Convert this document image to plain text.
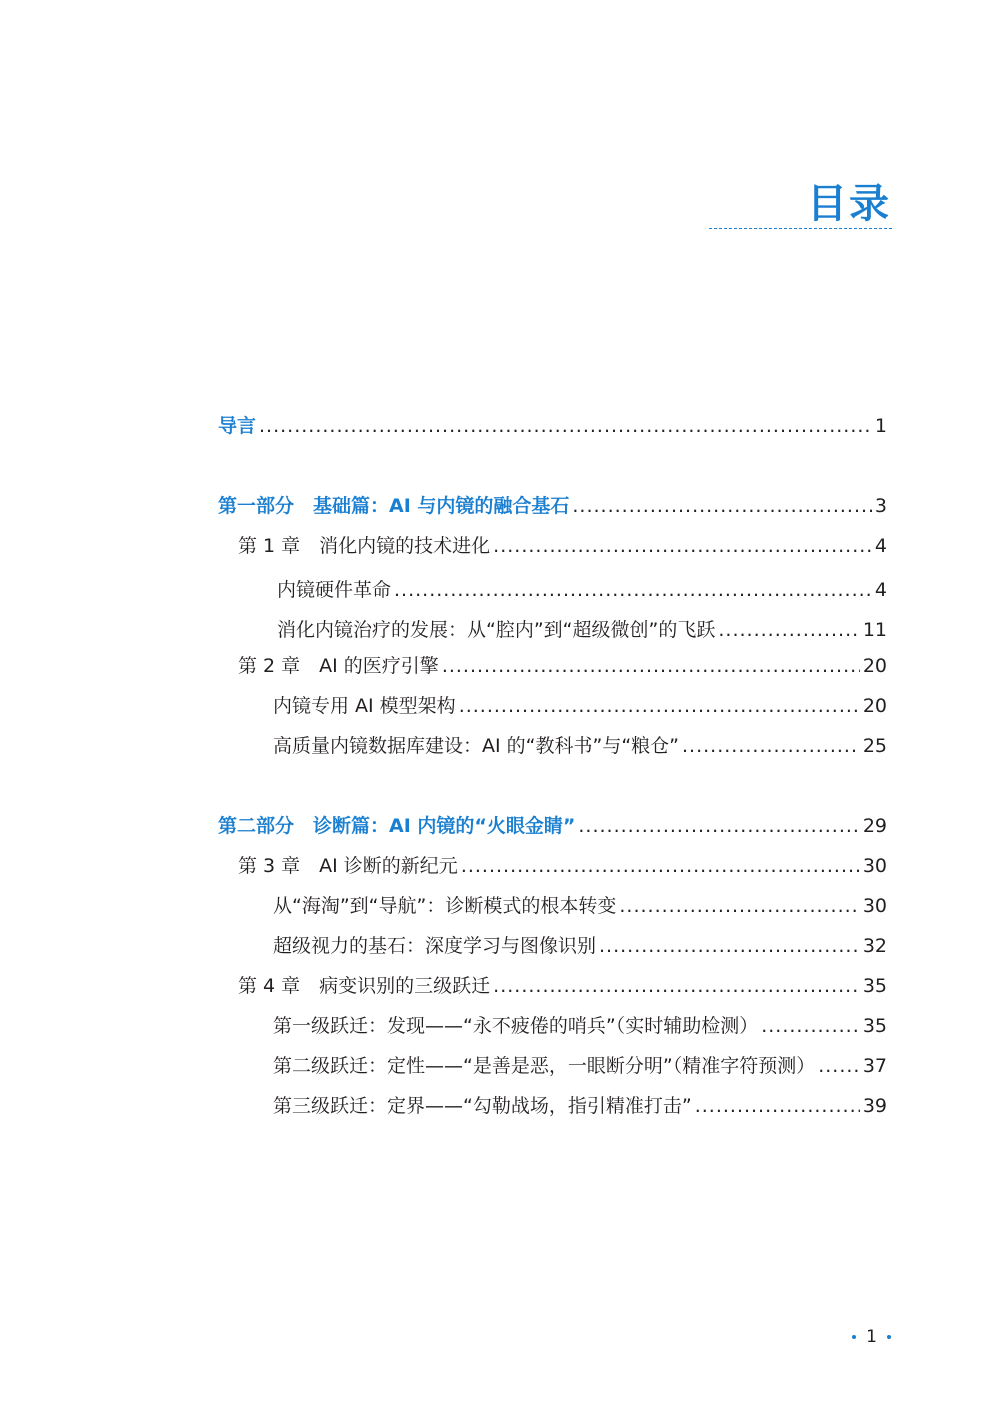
目录
导言 .....	1
第一部分　基础篇：AI 与内镜的融合基石 .....	3
第 1 章　消化内镜的技术进化 .....	4
内镜硬件革命 .....	4
消化内镜治疗的发展：从“腔内”到“超级微创”的飞跃 .....	11
第 2 章　AI 的医疗引擎 .....	20
内镜专用 AI 模型架构 .....	20
高质量内镜数据库建设：AI 的“教科书”与“粮仓” .....	25
第二部分　诊断篇：AI 内镜的“火眼金睛” .....	29
第 3 章　AI 诊断的新纪元 .....	30
从“海淘”到“导航”：诊断模式的根本转变 .....	30
超级视力的基石：深度学习与图像识别 .....	32
第 4 章　病变识别的三级跃迁 .....	35
第一级跃迁：发现——“永不疲倦的哨兵”（实时辅助检测） .....	35
第二级跃迁：定性——“是善是恶，一眼断分明”（精准字符预测） .....	37
第三级跃迁：定界——“勾勒战场，指引精准打击” .....	39
1
